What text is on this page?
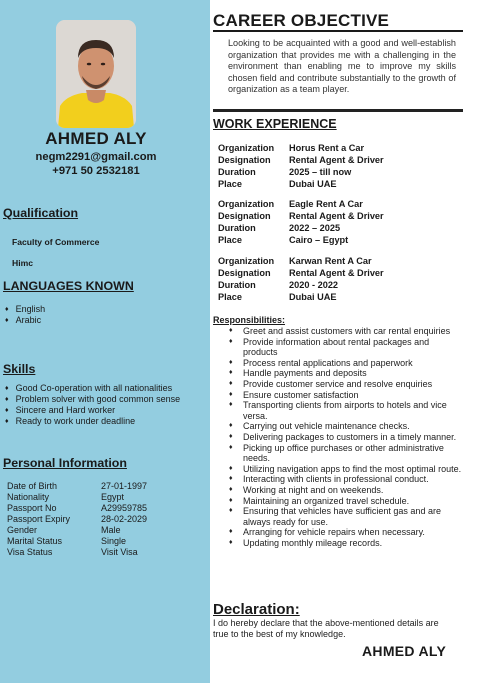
AHMED ALY
negm2291@gmail.com
+971 50 2532181
Qualification
Faculty of Commerce
Himc
LANGUAGES KNOWN
♦ English
♦ Arabic
Skills
♦ Good Co-operation with all nationalities
♦ Problem solver with good common sense
♦ Sincere and Hard worker
♦ Ready to work under deadline
Personal Information
Date of Birth	27-01-1997
Nationality	Egypt
Passport No	A29959785
Passport Expiry	28-02-2029
Gender	Male
Marital Status	Single
Visa Status	Visit Visa
CAREER OBJECTIVE
Looking to be acquainted with a good and well-establish organization that provides me with a challenging in the environment than enabling me to improve my skills chosen field and contribute substantially to the growth of organization as a team player.
WORK EXPERIENCE
Organization	Horus Rent a Car
Designation	Rental Agent & Driver
Duration	2025 – till now
Place	Dubai UAE
Organization	Eagle Rent A Car
Designation	Rental Agent & Driver
Duration	2022 – 2025
Place	Cairo – Egypt
Organization	Karwan Rent A Car
Designation	Rental Agent & Driver
Duration	2020 - 2022
Place	Dubai UAE
Responsibilities:
♦ Greet and assist customers with car rental enquiries
♦ Provide information about rental packages and products
♦ Process rental applications and paperwork
♦ Handle payments and deposits
♦ Provide customer service and resolve enquiries
♦ Ensure customer satisfaction
♦ Transporting clients from airports to hotels and vice versa.
♦ Carrying out vehicle maintenance checks.
♦ Delivering packages to customers in a timely manner.
♦ Picking up office purchases or other administrative needs.
♦ Utilizing navigation apps to find the most optimal route.
♦ Interacting with clients in professional conduct.
♦ Working at night and on weekends.
♦ Maintaining an organized travel schedule.
♦ Ensuring that vehicles have sufficient gas and are always ready for use.
♦ Arranging for vehicle repairs when necessary.
♦ Updating monthly mileage records.
Declaration:
I do hereby declare that the above-mentioned details are true to the best of my knowledge.
AHMED ALY
